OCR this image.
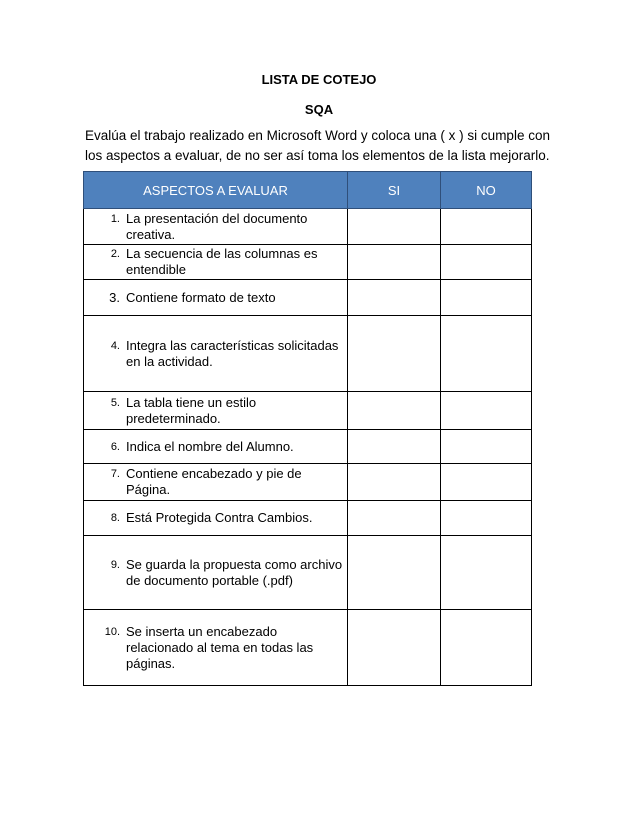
LISTA DE COTEJO
SQA
Evalúa el trabajo realizado en Microsoft Word y coloca una ( x ) si cumple con los aspectos a evaluar, de no ser así toma los elementos de la lista mejorarlo.
ASPECTOS A EVALUAR	SI	NO

1. La presentación del documento creativa.		

2. La secuencia de las columnas es entendible		

3. Contiene formato de texto		

4. Integra las características solicitadas en la actividad.		

5. La tabla tiene un estilo predeterminado.		

6. Indica el nombre del Alumno.		

7. Contiene encabezado y pie de Página.		

8. Está Protegida Contra Cambios.		

9. Se guarda la propuesta como archivo de documento portable (.pdf)		

10. Se inserta un encabezado relacionado al tema en todas las páginas.		
